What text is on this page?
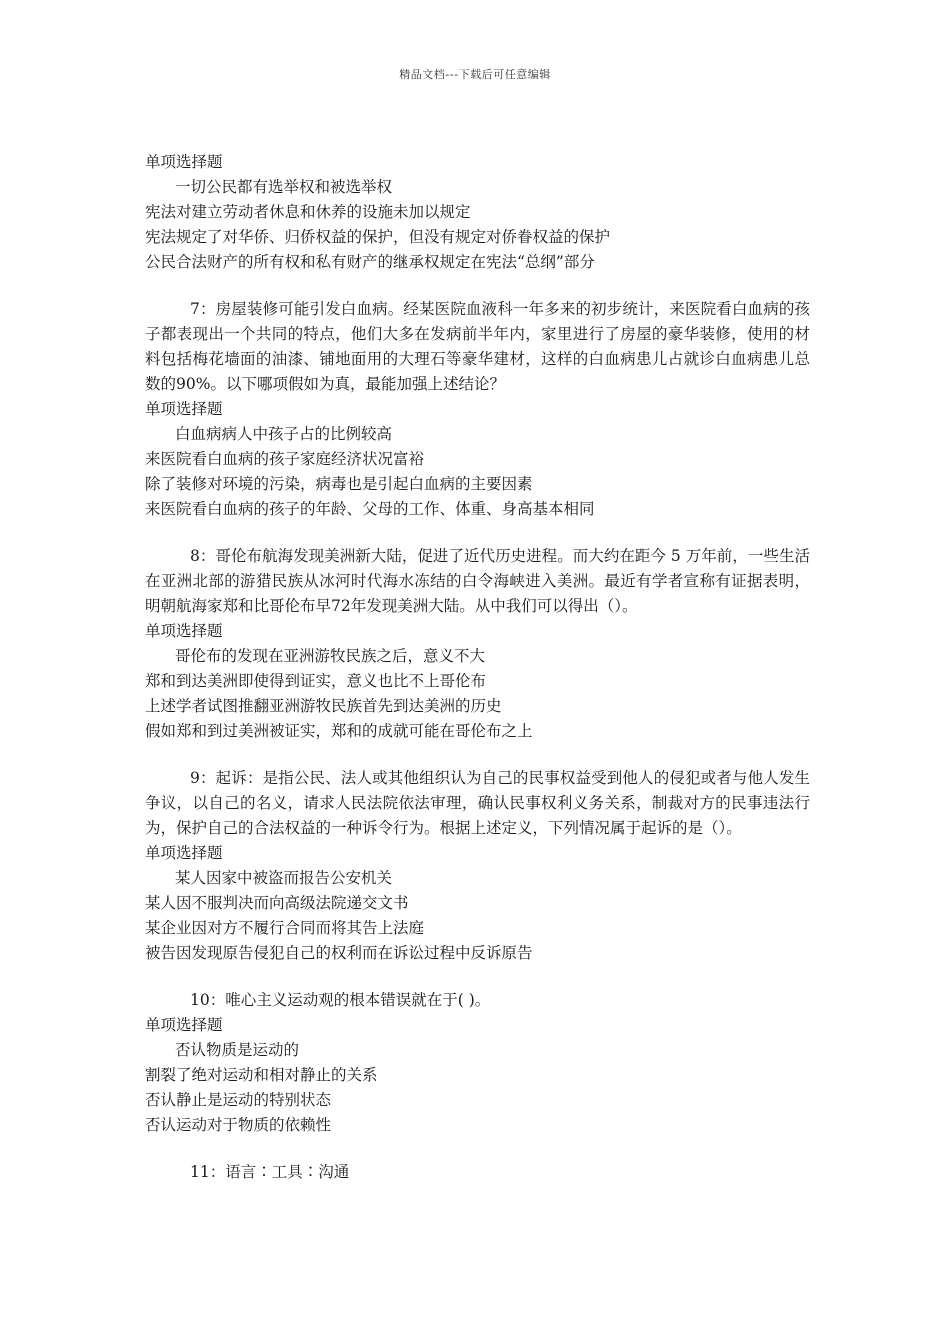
精品文档---下载后可任意编辑
单项选择题
一切公民都有选举权和被选举权
宪法对建立劳动者休息和休养的设施未加以规定
宪法规定了对华侨、归侨权益的保护，但没有规定对侨眷权益的保护
公民合法财产的所有权和私有财产的继承权规定在宪法“总纲”部分
7：房屋装修可能引发白血病。经某医院血液科一年多来的初步统计，来医院看白血病的孩子都表现出一个共同的特点，他们大多在发病前半年内，家里进行了房屋的豪华装修，使用的材料包括梅花墙面的油漆、铺地面用的大理石等豪华建材，这样的白血病患儿占就诊白血病患儿总数的90%。以下哪项假如为真，最能加强上述结论？
单项选择题
白血病病人中孩子占的比例较高
来医院看白血病的孩子家庭经济状况富裕
除了装修对环境的污染，病毒也是引起白血病的主要因素
来医院看白血病的孩子的年龄、父母的工作、体重、身高基本相同
8：哥伦布航海发现美洲新大陆，促进了近代历史进程。而大约在距今 5 万年前，一些生活在亚洲北部的游猎民族从冰河时代海水冻结的白令海峡进入美洲。最近有学者宣称有证据表明，明朝航海家郑和比哥伦布早72年发现美洲大陆。从中我们可以得出（）。
单项选择题
哥伦布的发现在亚洲游牧民族之后，意义不大
郑和到达美洲即使得到证实，意义也比不上哥伦布
上述学者试图推翻亚洲游牧民族首先到达美洲的历史
假如郑和到过美洲被证实，郑和的成就可能在哥伦布之上
9：起诉：是指公民、法人或其他组织认为自己的民事权益受到他人的侵犯或者与他人发生争议，以自己的名义，请求人民法院依法审理，确认民事权利义务关系，制裁对方的民事违法行为，保护自己的合法权益的一种诉令行为。根据上述定义，下列情况属于起诉的是（）。
单项选择题
某人因家中被盗而报告公安机关
某人因不服判决而向高级法院递交文书
某企业因对方不履行合同而将其告上法庭
被告因发现原告侵犯自己的权利而在诉讼过程中反诉原告
10：唯心主义运动观的根本错误就在于( )。
单项选择题
否认物质是运动的
割裂了绝对运动和相对静止的关系
否认静止是运动的特别状态
否认运动对于物质的依赖性
11：语言∶工具∶沟通
